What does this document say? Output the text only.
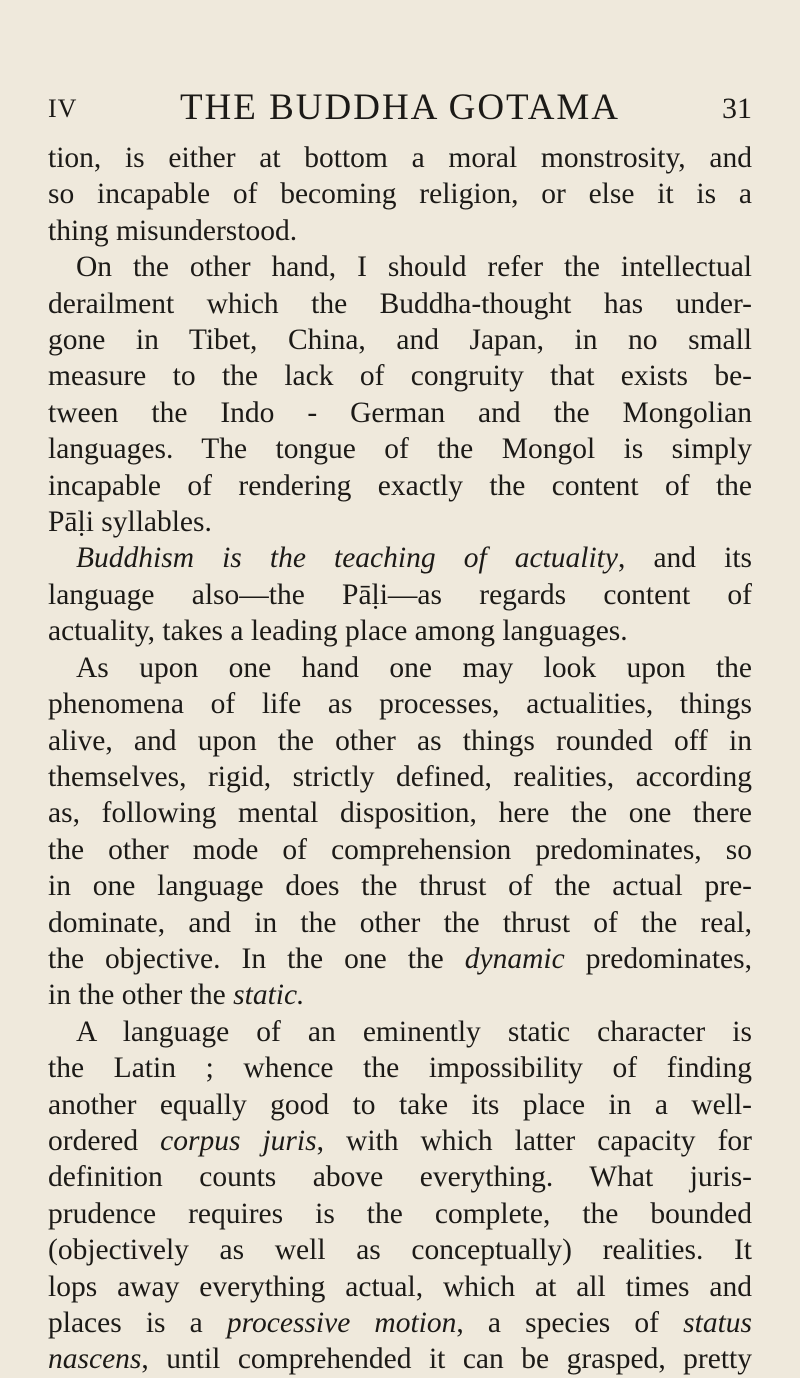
IV	THE BUDDHA GOTAMA	31
tion, is either at bottom a moral monstrosity, and
so incapable of becoming religion, or else it is a
thing misunderstood.
On the other hand, I should refer the intellectual
derailment which the Buddha-thought has under-
gone in Tibet, China, and Japan, in no small
measure to the lack of congruity that exists be-
tween the Indo - German and the Mongolian
languages. The tongue of the Mongol is simply
incapable of rendering exactly the content of the
Pāḷi syllables.
Buddhism is the teaching of actuality, and its
language also—the Pāḷi—as regards content of
actuality, takes a leading place among languages.
As upon one hand one may look upon the
phenomena of life as processes, actualities, things
alive, and upon the other as things rounded off in
themselves, rigid, strictly defined, realities, according
as, following mental disposition, here the one there
the other mode of comprehension predominates, so
in one language does the thrust of the actual pre-
dominate, and in the other the thrust of the real,
the objective. In the one the dynamic predominates,
in the other the static.
A language of an eminently static character is
the Latin ; whence the impossibility of finding
another equally good to take its place in a well-
ordered corpus juris, with which latter capacity for
definition counts above everything. What juris-
prudence requires is the complete, the bounded
(objectively as well as conceptually) realities. It
lops away everything actual, which at all times and
places is a processive motion, a species of status
nascens, until comprehended it can be grasped, pretty
